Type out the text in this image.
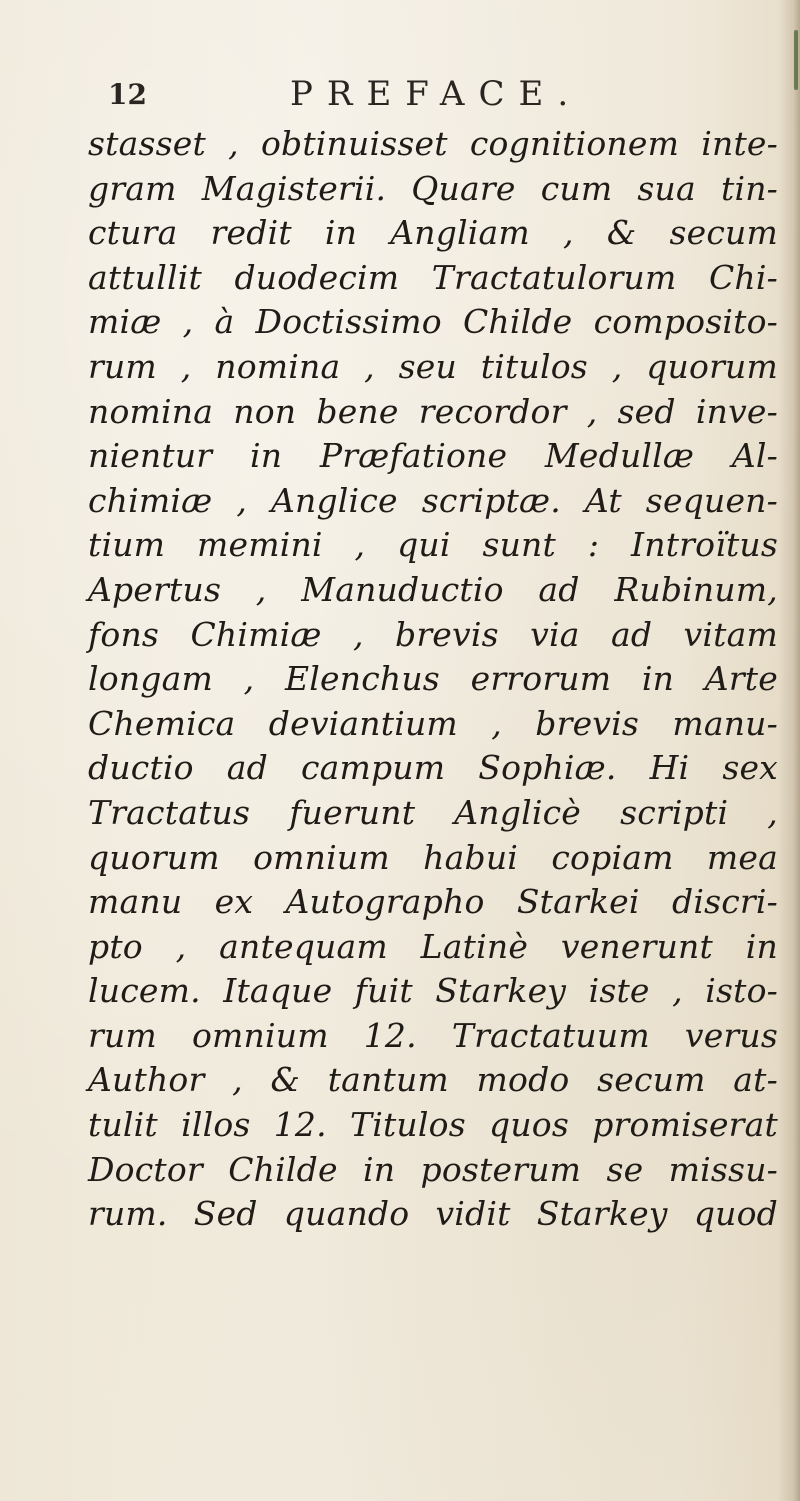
12	PREFACE.
stasset , obtinuisset cognitionem inte-
gram Magisterii. Quare cum sua tin-
ctura redit in Angliam , & secum
attullit duodecim Tractatulorum Chi-
miæ , à Doctissimo Childe composito-
rum , nomina , seu titulos , quorum
nomina non bene recordor , sed inve-
nientur in Præfatione Medullæ Al-
chimiæ , Anglice scriptæ. At sequen-
tium memini , qui sunt : Introïtus
Apertus , Manuductio ad Rubinum,
fons Chimiæ , brevis via ad vitam
longam , Elenchus errorum in Arte
Chemica deviantium , brevis manu-
ductio ad campum Sophiæ. Hi sex
Tractatus fuerunt Anglicè scripti ,
quorum omnium habui copiam mea
manu ex Autographo Starkei discri-
pto , antequam Latinè venerunt in
lucem. Itaque fuit Starkey iste , isto-
rum omnium 12. Tractatuum verus
Author , & tantum modo secum at-
tulit illos 12. Titulos quos promiserat
Doctor Childe in posterum se missu-
rum. Sed quando vidit Starkey quod
